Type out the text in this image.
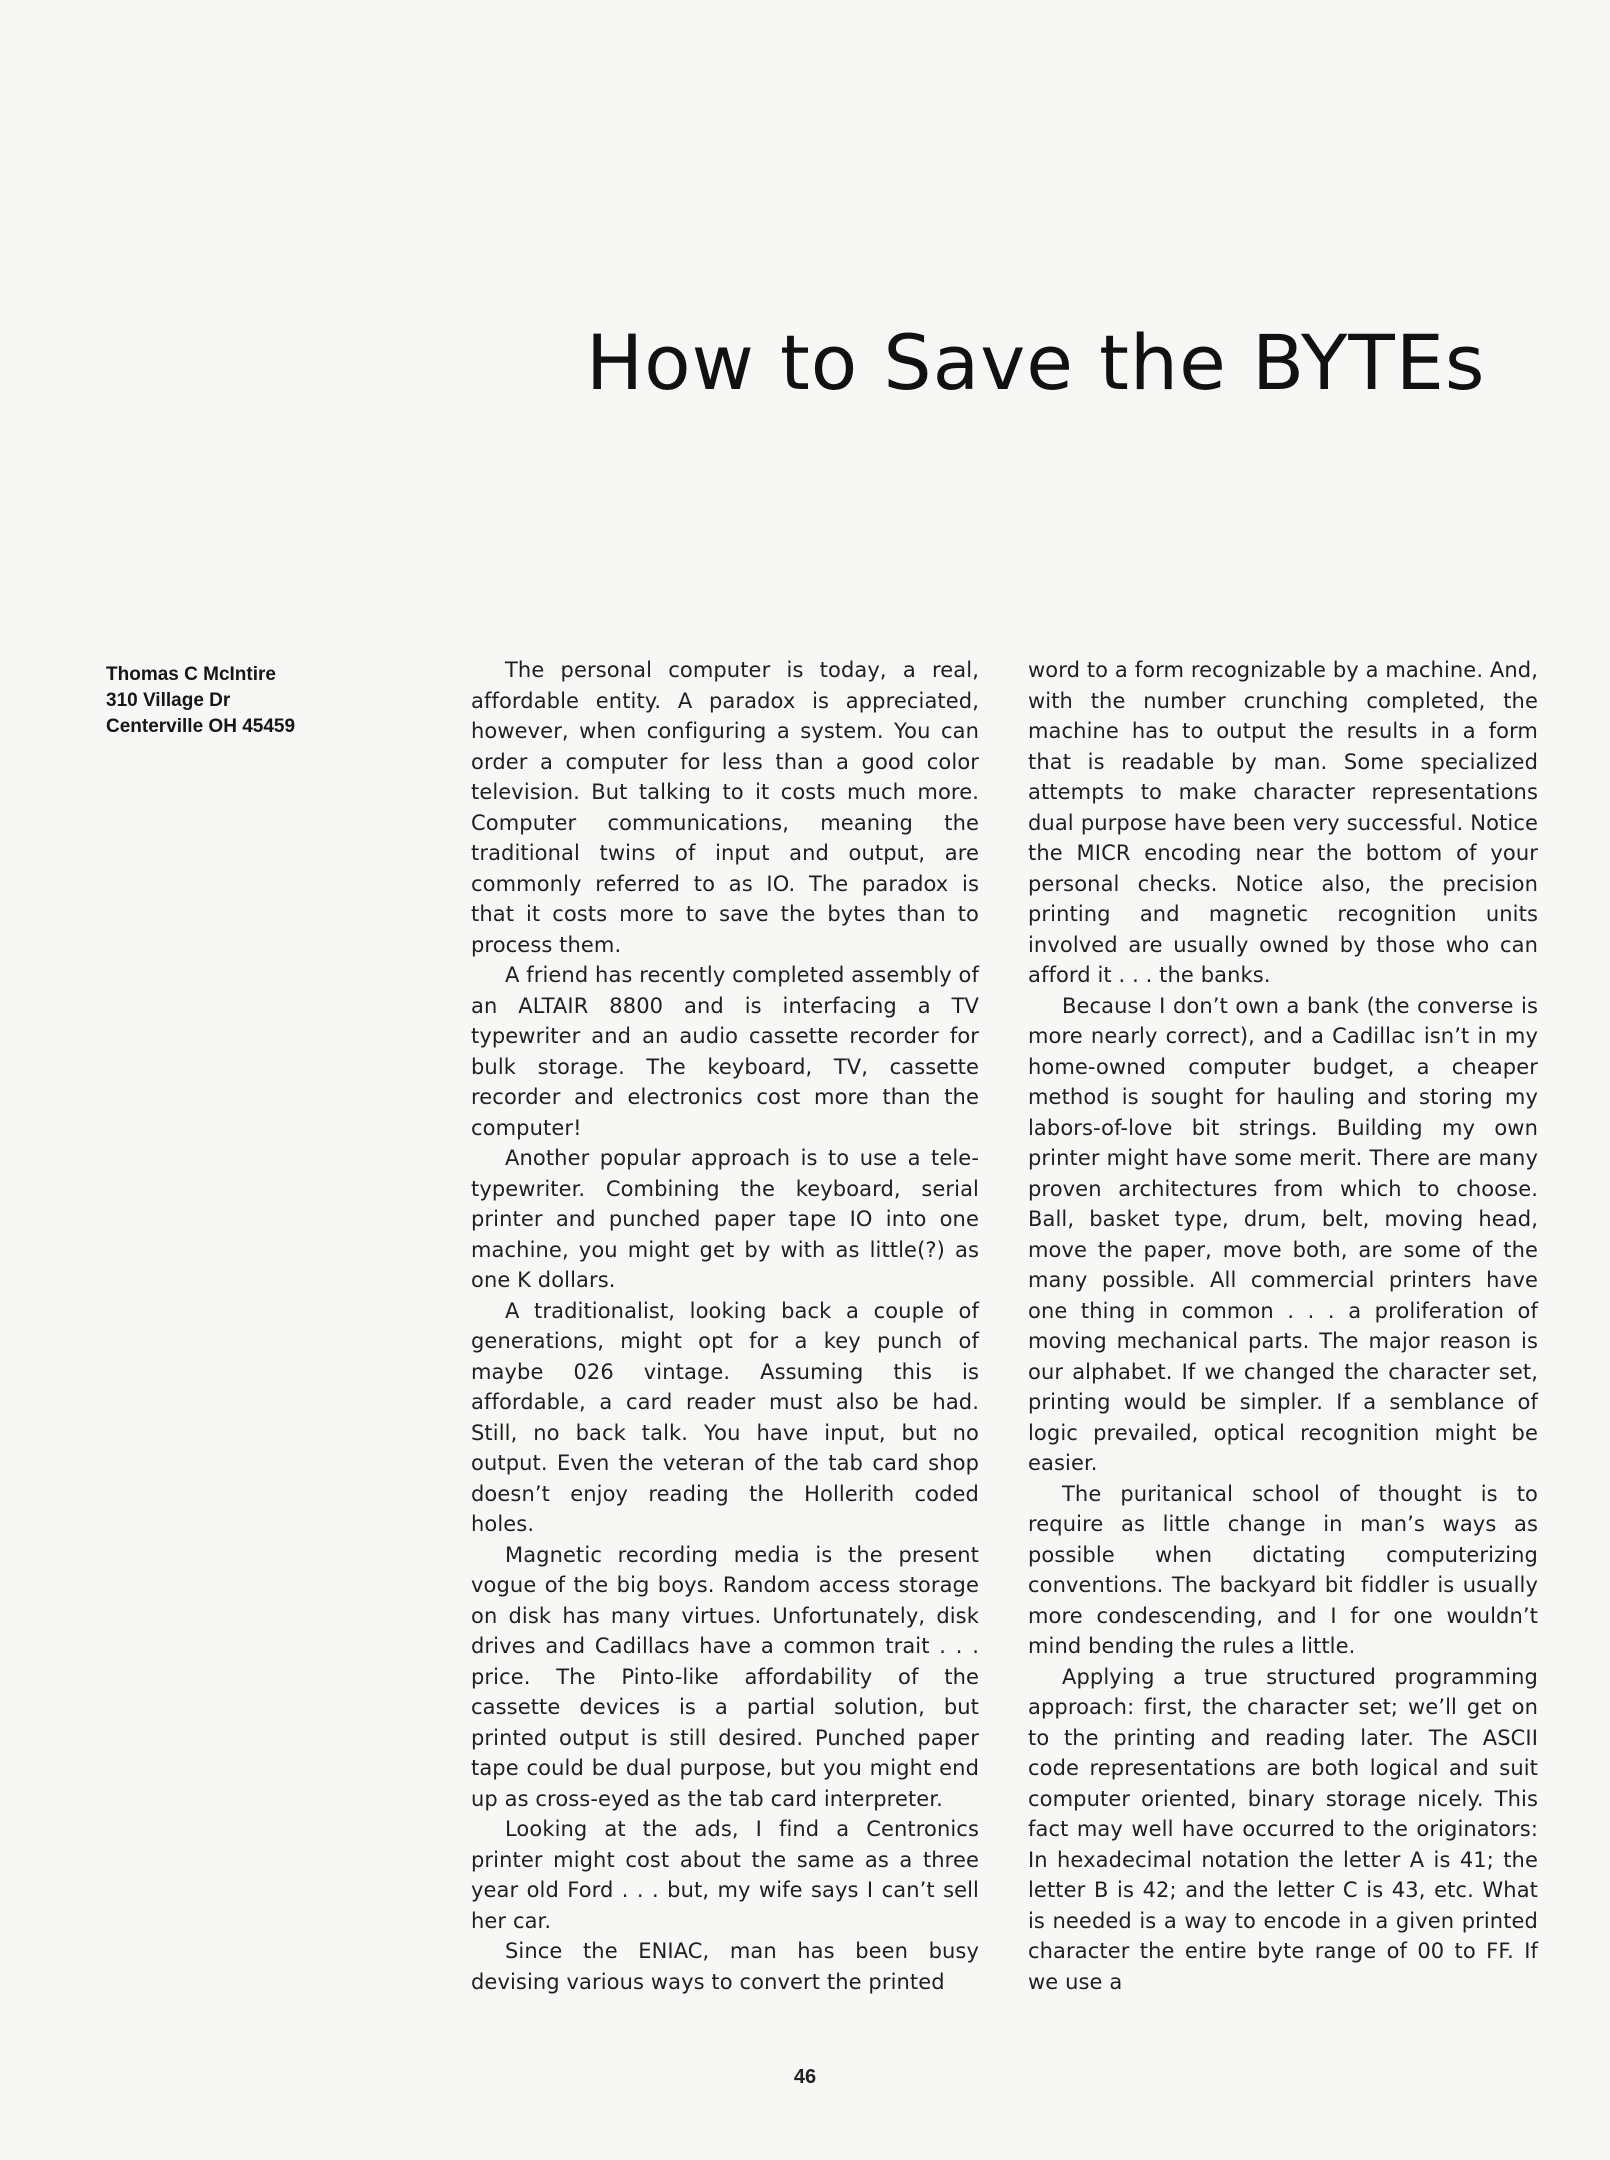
How to Save the BYTEs
Thomas C McIntire
310 Village Dr
Centerville OH 45459

The personal computer is today, a real, affordable entity. A paradox is appreciated, however, when configuring a system. You can order a computer for less than a good color television. But talking to it costs much more. Computer communications, meaning the traditional twins of input and output, are commonly referred to as IO. The paradox is that it costs more to save the bytes than to process them.

A friend has recently completed assembly of an ALTAIR 8800 and is interfacing a TV typewriter and an audio cassette recorder for bulk storage. The keyboard, TV, cassette recorder and electronics cost more than the computer!

Another popular approach is to use a tele-typewriter. Combining the keyboard, serial printer and punched paper tape IO into one machine, you might get by with as little(?) as one K dollars.

A traditionalist, looking back a couple of generations, might opt for a key punch of maybe 026 vintage. Assuming this is affordable, a card reader must also be had. Still, no back talk. You have input, but no output. Even the veteran of the tab card shop doesn’t enjoy reading the Hollerith coded holes.

Magnetic recording media is the present vogue of the big boys. Random access storage on disk has many virtues. Unfortunately, disk drives and Cadillacs have a common trait . . . price. The Pinto-like affordability of the cassette devices is a partial solution, but printed output is still desired. Punched paper tape could be dual purpose, but you might end up as cross-eyed as the tab card interpreter.

Looking at the ads, I find a Centronics printer might cost about the same as a three year old Ford . . . but, my wife says I can’t sell her car.

Since the ENIAC, man has been busy devising various ways to convert the printed

word to a form recognizable by a machine. And, with the number crunching completed, the machine has to output the results in a form that is readable by man. Some specialized attempts to make character representations dual purpose have been very successful. Notice the MICR encoding near the bottom of your personal checks. Notice also, the precision printing and magnetic recognition units involved are usually owned by those who can afford it . . . the banks.

Because I don’t own a bank (the converse is more nearly correct), and a Cadillac isn’t in my home-owned computer budget, a cheaper method is sought for hauling and storing my labors-of-love bit strings. Building my own printer might have some merit. There are many proven architectures from which to choose. Ball, basket type, drum, belt, moving head, move the paper, move both, are some of the many possible. All commercial printers have one thing in common . . . a proliferation of moving mechanical parts. The major reason is our alphabet. If we changed the character set, printing would be simpler. If a semblance of logic prevailed, optical recognition might be easier.

The puritanical school of thought is to require as little change in man’s ways as possible when dictating computerizing conventions. The backyard bit fiddler is usually more condescending, and I for one wouldn’t mind bending the rules a little.

Applying a true structured programming approach: first, the character set; we’ll get on to the printing and reading later. The ASCII code representations are both logical and suit computer oriented, binary storage nicely. This fact may well have occurred to the originators: In hexadecimal notation the letter A is 41; the letter B is 42; and the letter C is 43, etc. What is needed is a way to encode in a given printed character the entire byte range of 00 to FF. If we use a

46
